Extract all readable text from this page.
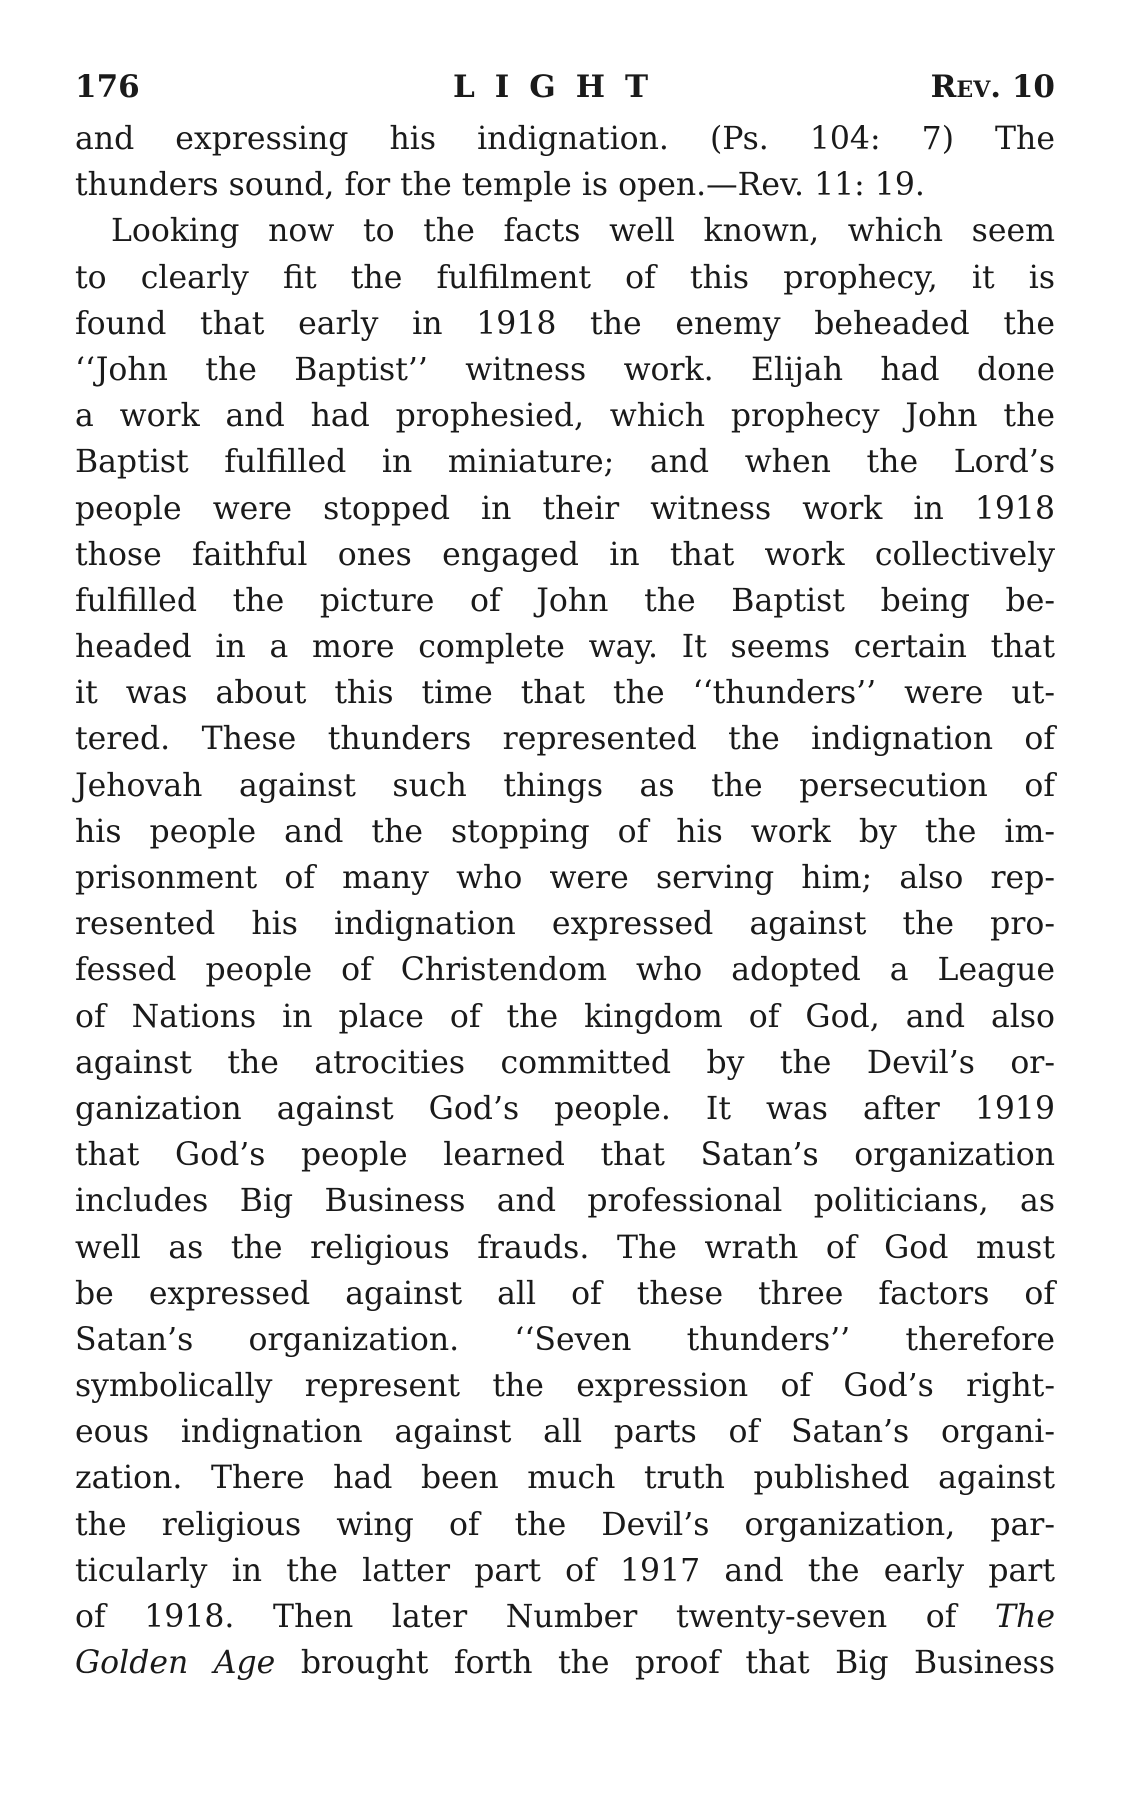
176	LIGHT	Rev. 10
and expressing his indignation. (Ps. 104: 7) The
thunders sound, for the temple is open.—Rev. 11: 19.
Looking now to the facts well known, which seem
to clearly fit the fulfilment of this prophecy, it is
found that early in 1918 the enemy beheaded the
‘‘John the Baptist’’ witness work. Elijah had done
a work and had prophesied, which prophecy John the
Baptist fulfilled in miniature; and when the Lord’s
people were stopped in their witness work in 1918
those faithful ones engaged in that work collectively
fulfilled the picture of John the Baptist being be-
headed in a more complete way. It seems certain that
it was about this time that the ‘‘thunders’’ were ut-
tered. These thunders represented the indignation of
Jehovah against such things as the persecution of
his people and the stopping of his work by the im-
prisonment of many who were serving him; also rep-
resented his indignation expressed against the pro-
fessed people of Christendom who adopted a League
of Nations in place of the kingdom of God, and also
against the atrocities committed by the Devil’s or-
ganization against God’s people. It was after 1919
that God’s people learned that Satan’s organization
includes Big Business and professional politicians, as
well as the religious frauds. The wrath of God must
be expressed against all of these three factors of
Satan’s organization. ‘‘Seven thunders’’ therefore
symbolically represent the expression of God’s right-
eous indignation against all parts of Satan’s organi-
zation. There had been much truth published against
the religious wing of the Devil’s organization, par-
ticularly in the latter part of 1917 and the early part
of 1918. Then later Number twenty-seven of The
Golden Age brought forth the proof that Big Business
